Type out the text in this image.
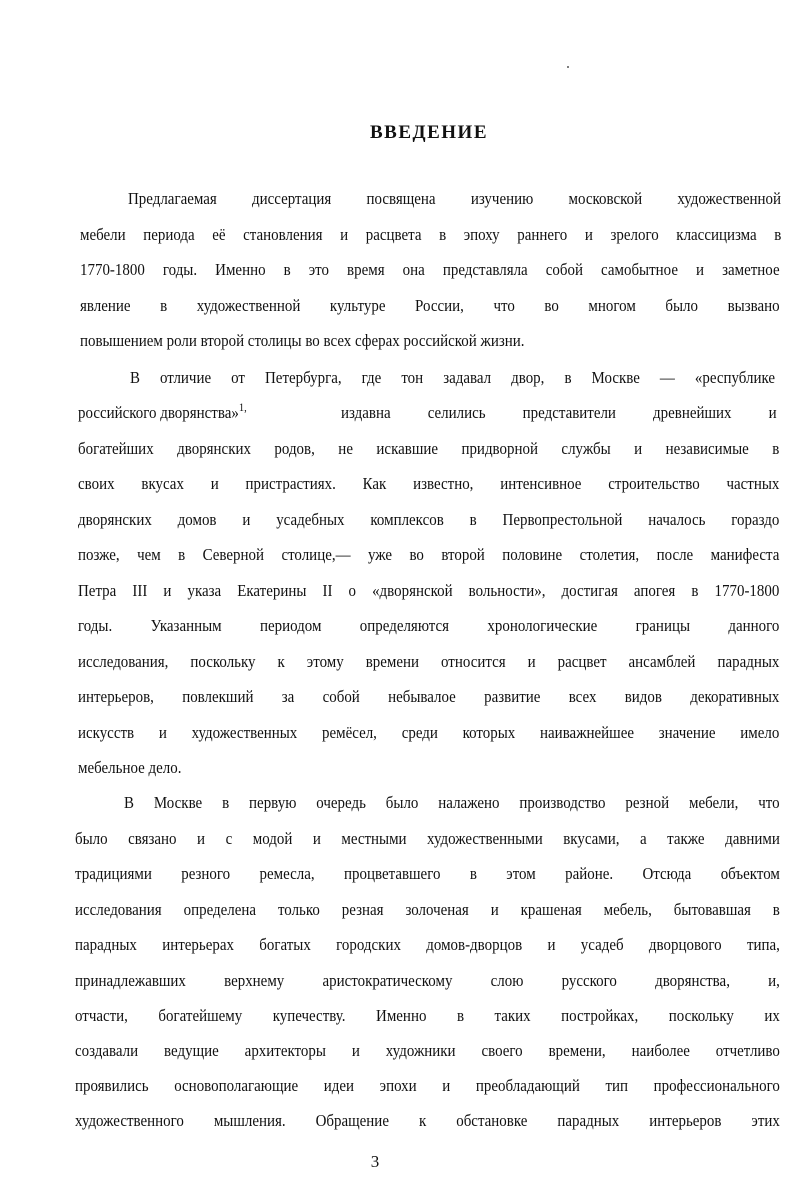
ВВЕДЕНИЕ

Предлагаемая диссертация посвящена изучению московской художественной

мебели периода её становления и расцвета в эпоху раннего и зрелого классицизма в

1770-1800 годы. Именно в это время она представляла собой самобытное и заметное

явление в художественной культуре России, что во многом было вызвано

повышением роли второй столицы во всех сферах российской жизни.

В отличие от Петербурга, где тон задавал двор, в Москве — «республике

российского дворянства»$^{1,}$	издавна селились представители древнейших и

богатейших дворянских родов, не искавшие придворной службы и независимые в

своих вкусах и пристрастиях. Как известно, интенсивное строительство частных

дворянских домов и усадебных комплексов в Первопрестольной началось гораздо

позже, чем в Северной столице,— уже во второй половине столетия, после манифеста

Петра III и указа Екатерины II о «дворянской вольности», достигая апогея в 1770-1800

годы. Указанным периодом определяются хронологические границы данного

исследования, поскольку к этому времени относится и расцвет ансамблей парадных

интерьеров, повлекший за собой небывалое развитие всех видов декоративных

искусств и художественных ремёсел, среди которых наиважнейшее значение имело

мебельное дело.

В Москве в первую очередь было налажено производство резной мебели, что

было связано и с модой и местными художественными вкусами, а также давними

традициями резного ремесла, процветавшего в этом районе. Отсюда объектом

исследования определена только резная золоченая и крашеная мебель, бытовавшая в

парадных интерьерах богатых городских домов-дворцов и усадеб дворцового типа,

принадлежавших верхнему аристократическому слою русского дворянства, и,

отчасти, богатейшему купечеству. Именно в таких постройках, поскольку их

создавали ведущие архитекторы и художники своего времени, наиболее отчетливо

проявились основополагающие идеи эпохи и преобладающий тип профессионального

художественного мышления. Обращение к обстановке парадных интерьеров этих

3
